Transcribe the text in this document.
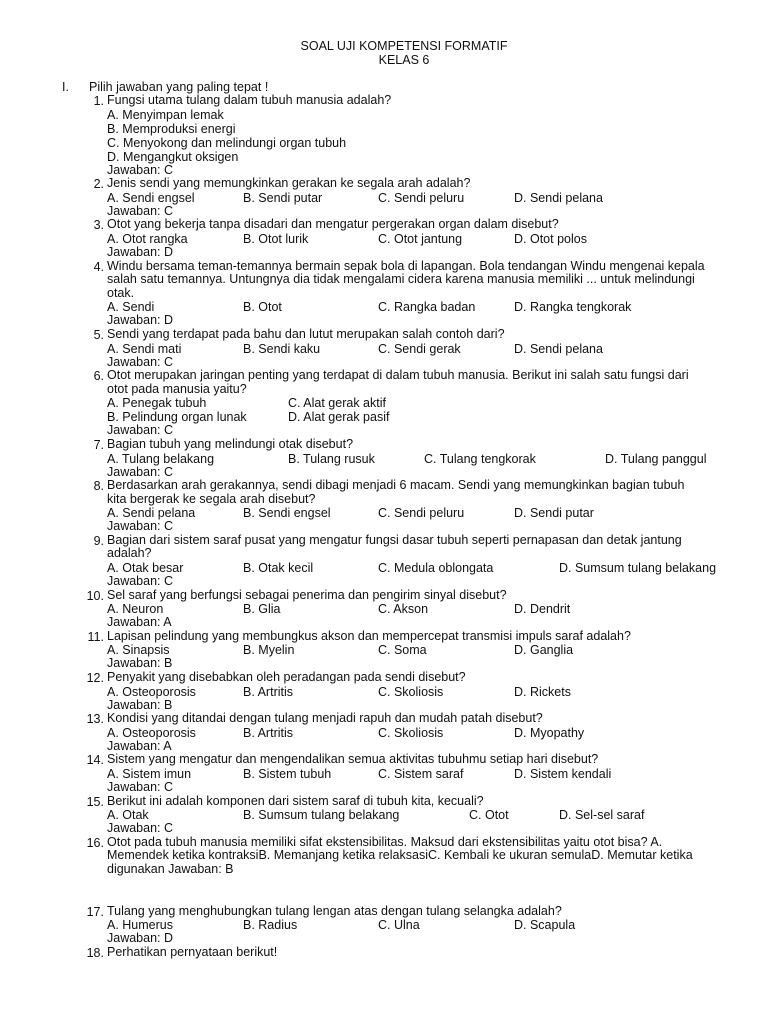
SOAL UJI KOMPETENSI FORMATIF
KELAS 6
I. Pilih jawaban yang paling tepat !
1. Fungsi utama tulang dalam tubuh manusia adalah?
A. Menyimpan lemak
B. Memproduksi energi
C. Menyokong dan melindungi organ tubuh
D. Mengangkut oksigen
Jawaban: C
2. Jenis sendi yang memungkinkan gerakan ke segala arah adalah?
A. Sendi engsel	B. Sendi putar	C. Sendi peluru	D. Sendi pelana
Jawaban: C
3. Otot yang bekerja tanpa disadari dan mengatur pergerakan organ dalam disebut?
A. Otot rangka	B. Otot lurik	C. Otot jantung	D. Otot polos
Jawaban: D
4. Windu bersama teman-temannya bermain sepak bola di lapangan. Bola tendangan Windu mengenai kepala salah satu temannya. Untungnya dia tidak mengalami cidera karena manusia memiliki ... untuk melindungi otak.
A. Sendi	B. Otot	C. Rangka badan	D. Rangka tengkorak
Jawaban: D
5. Sendi yang terdapat pada bahu dan lutut merupakan salah contoh dari?
A. Sendi mati	B. Sendi kaku	C. Sendi gerak	D. Sendi pelana
Jawaban: C
6. Otot merupakan jaringan penting yang terdapat di dalam tubuh manusia. Berikut ini salah satu fungsi dari otot pada manusia yaitu?
A. Penegak tubuh	C. Alat gerak aktif
B. Pelindung organ lunak	D. Alat gerak pasif
Jawaban: C
7. Bagian tubuh yang melindungi otak disebut?
A. Tulang belakang	B. Tulang rusuk	C. Tulang tengkorak	D. Tulang panggul
Jawaban: C
8. Berdasarkan arah gerakannya, sendi dibagi menjadi 6 macam. Sendi yang memungkinkan bagian tubuh kita bergerak ke segala arah disebut?
A. Sendi pelana	B. Sendi engsel	C. Sendi peluru	D. Sendi putar
Jawaban: C
9. Bagian dari sistem saraf pusat yang mengatur fungsi dasar tubuh seperti pernapasan dan detak jantung adalah?
A. Otak besar	B. Otak kecil	C. Medula oblongata	D. Sumsum tulang belakang
Jawaban: C
10. Sel saraf yang berfungsi sebagai penerima dan pengirim sinyal disebut?
A. Neuron	B. Glia	C. Akson	D. Dendrit
Jawaban: A
11. Lapisan pelindung yang membungkus akson dan mempercepat transmisi impuls saraf adalah?
A. Sinapsis	B. Myelin	C. Soma	D. Ganglia
Jawaban: B
12. Penyakit yang disebabkan oleh peradangan pada sendi disebut?
A. Osteoporosis	B. Artritis	C. Skoliosis	D. Rickets
Jawaban: B
13. Kondisi yang ditandai dengan tulang menjadi rapuh dan mudah patah disebut?
A. Osteoporosis	B. Artritis	C. Skoliosis	D. Myopathy
Jawaban: A
14. Sistem yang mengatur dan mengendalikan semua aktivitas tubuhmu setiap hari disebut?
A. Sistem imun	B. Sistem tubuh	C. Sistem saraf	D. Sistem kendali
Jawaban: C
15. Berikut ini adalah komponen dari sistem saraf di tubuh kita, kecuali?
A. Otak	B. Sumsum tulang belakang	C. Otot	D. Sel-sel saraf
Jawaban: C
16. Otot pada tubuh manusia memiliki sifat ekstensibilitas. Maksud dari ekstensibilitas yaitu otot bisa? A. Memendek ketika kontraksiB. Memanjang ketika relaksasiC. Kembali ke ukuran semulaD. Memutar ketika digunakan Jawaban: B
17. Tulang yang menghubungkan tulang lengan atas dengan tulang selangka adalah?
A. Humerus	B. Radius	C. Ulna	D. Scapula
Jawaban: D
18. Perhatikan pernyataan berikut!
